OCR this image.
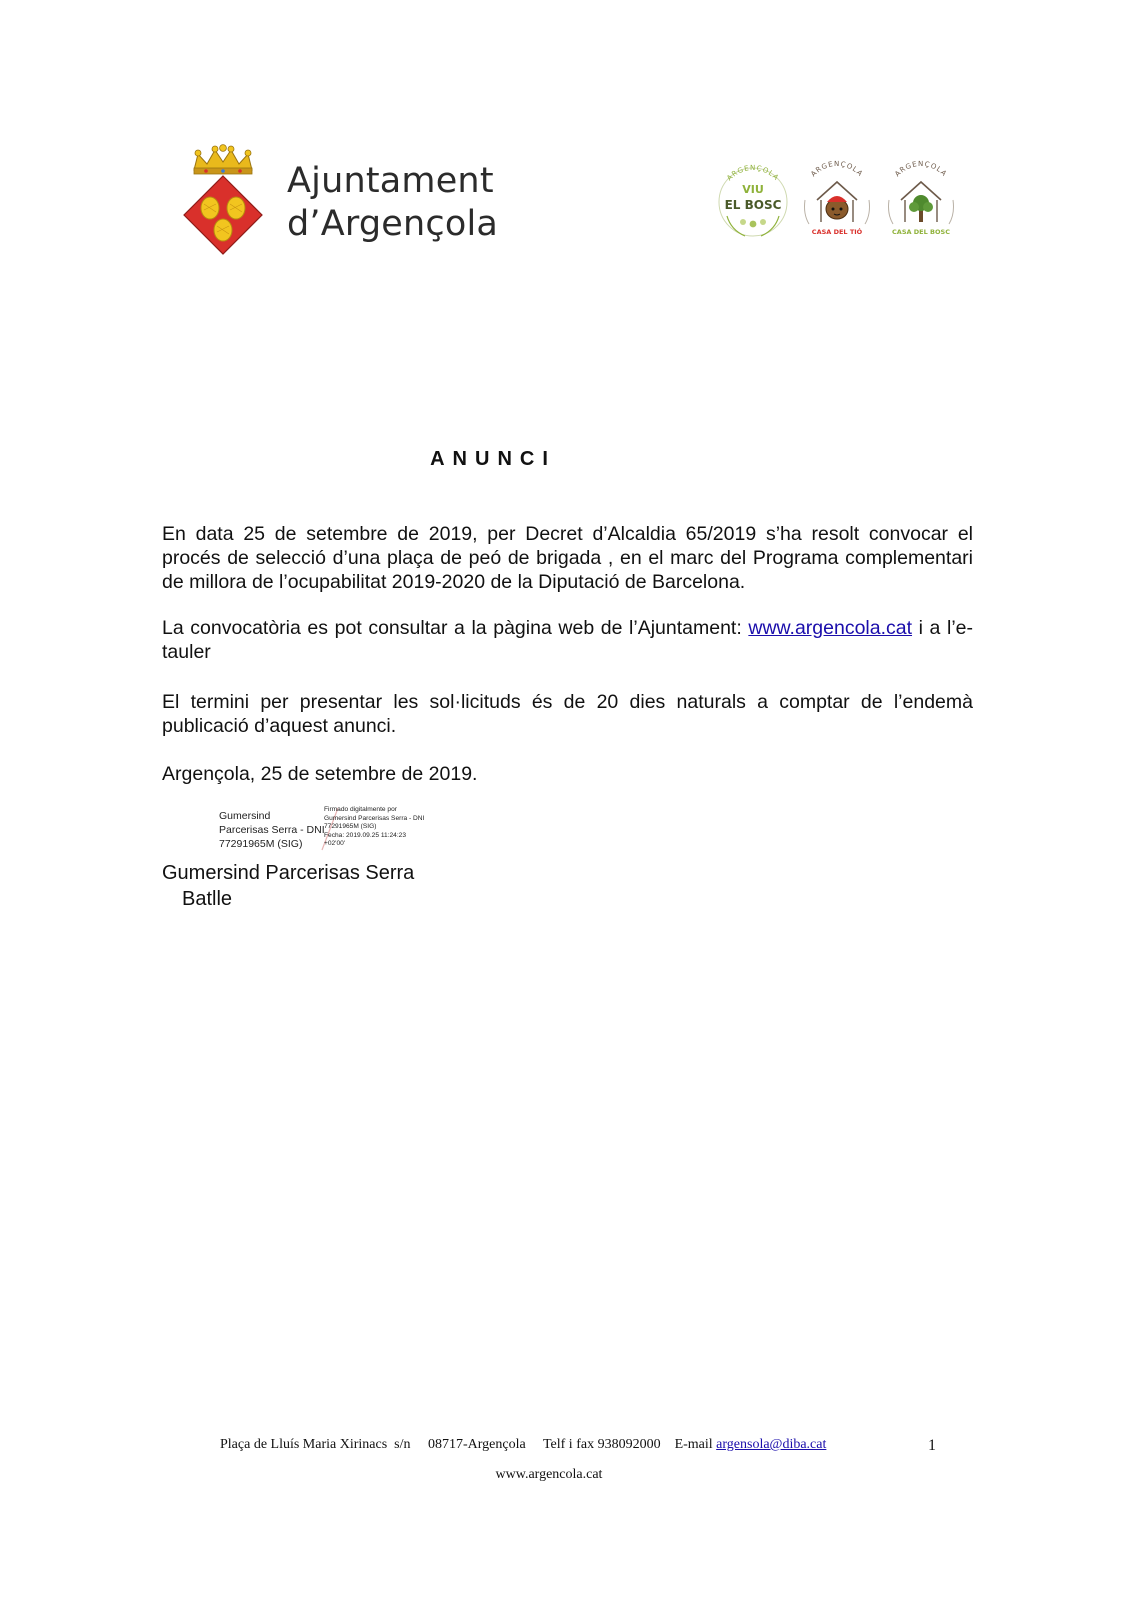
Ajuntament
d’Argençola
ARGENÇOLA
VIU
EL BOSC
ARGENÇOLA
CASA DEL TIÓ
ARGENÇOLA
CASA DEL BOSC
ANUNCI
En data 25 de setembre de 2019, per Decret d’Alcaldia 65/2019 s’ha resolt convocar el procés de selecció d’una plaça de peó de brigada , en el marc del Programa complementari de millora de l’ocupabilitat 2019-2020 de la Diputació de Barcelona.
La convocatòria es pot consultar a la pàgina web de l’Ajuntament: www.argencola.cat i a l’e-tauler
El termini per presentar les sol·licituds és de 20 dies naturals a comptar de l’endemà publicació d’aquest anunci.
Argençola, 25 de setembre de 2019.
Gumersind
Parcerisas Serra - DNI
77291965M (SIG)
Firmado digitalmente por
Gumersind Parcerisas Serra - DNI
77291965M (SIG)
Fecha: 2019.09.25 11:24:23
+02'00'
Gumersind Parcerisas Serra
Batlle
Plaça de Lluís Maria Xirinacs  s/n     08717-Argençola     Telf i fax 938092000    E-mail argensola@diba.cat	1
www.argencola.cat
